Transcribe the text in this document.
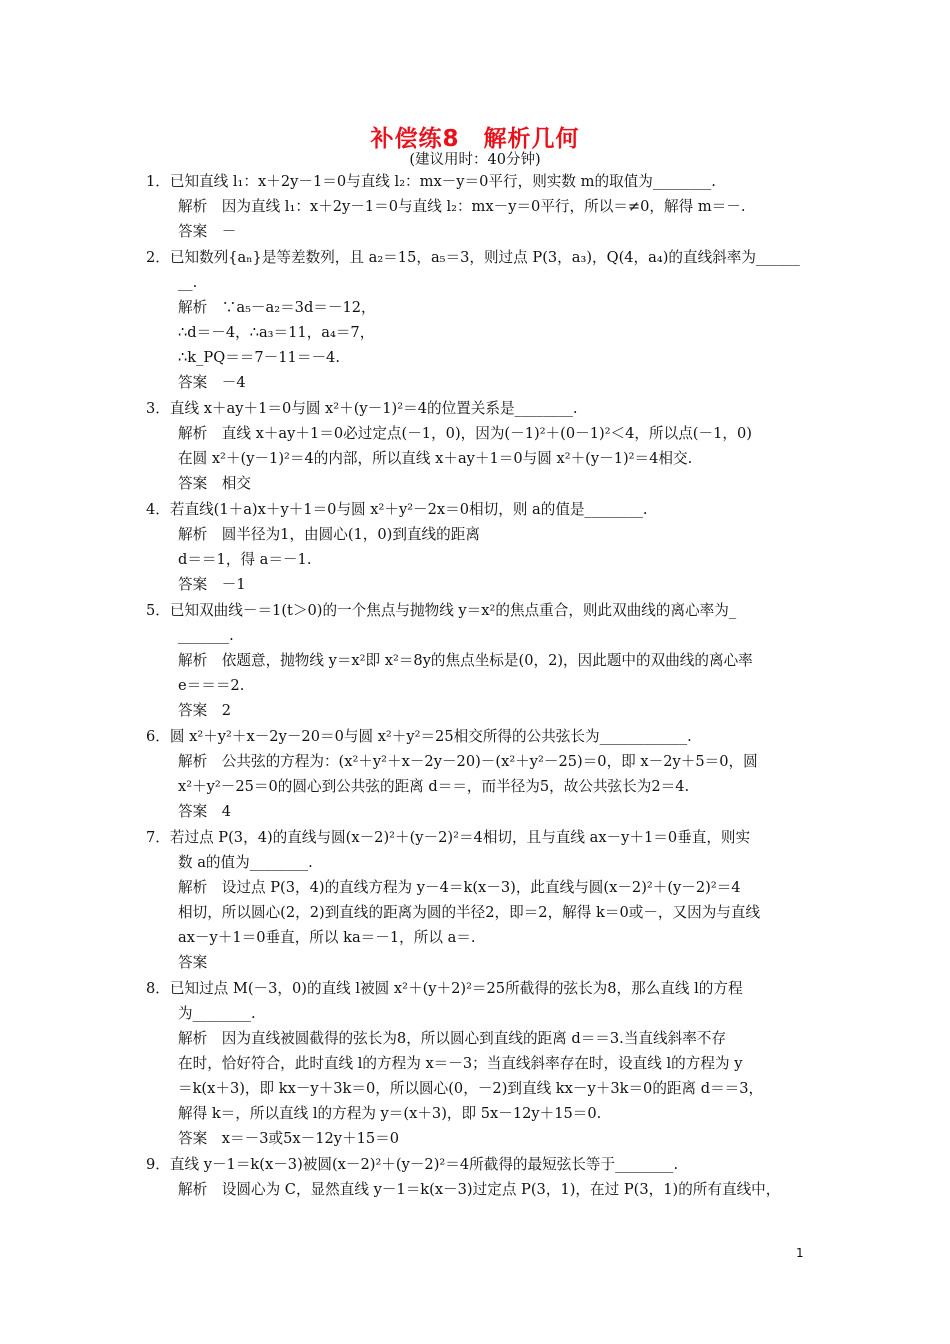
补偿练8　解析几何
(建议用时：40分钟)
1．已知直线 l₁：x＋2y－1＝0与直线 l₂：mx－y＝0平行，则实数 m的取值为________.
解析　因为直线 l₁：x＋2y－1＝0与直线 l₂：mx－y＝0平行，所以＝≠0，解得 m＝－.
答案　－
2．已知数列{aₙ}是等差数列，且 a₂＝15，a₅＝3，则过点 P(3，a₃)，Q(4，a₄)的直线斜率为______
__.
解析　∵a₅－a₂＝3d＝－12，
∴d＝－4，∴a₃＝11，a₄＝7，
∴k_PQ＝＝7－11＝－4.
答案　－4
3．直线 x＋ay＋1＝0与圆 x²＋(y－1)²＝4的位置关系是________.
解析　直线 x＋ay＋1＝0必过定点(－1，0)，因为(－1)²＋(0－1)²＜4，所以点(－1，0)
在圆 x²＋(y－1)²＝4的内部，所以直线 x＋ay＋1＝0与圆 x²＋(y－1)²＝4相交.
答案　相交
4．若直线(1＋a)x＋y＋1＝0与圆 x²＋y²－2x＝0相切，则 a的值是________.
解析　圆半径为1，由圆心(1，0)到直线的距离
d＝＝1，得 a＝－1.
答案　－1
5．已知双曲线－＝1(t＞0)的一个焦点与抛物线 y＝x²的焦点重合，则此双曲线的离心率为_
_______.
解析　依题意，抛物线 y＝x²即 x²＝8y的焦点坐标是(0，2)，因此题中的双曲线的离心率
e＝＝＝2.
答案　2
6．圆 x²＋y²＋x－2y－20＝0与圆 x²＋y²＝25相交所得的公共弦长为____________.
解析　公共弦的方程为：(x²＋y²＋x－2y－20)－(x²＋y²－25)＝0，即 x－2y＋5＝0，圆
x²＋y²－25＝0的圆心到公共弦的距离 d＝＝，而半径为5，故公共弦长为2＝4.
答案　4
7．若过点 P(3，4)的直线与圆(x－2)²＋(y－2)²＝4相切，且与直线 ax－y＋1＝0垂直，则实
数 a的值为________.
解析　设过点 P(3，4)的直线方程为 y－4＝k(x－3)，此直线与圆(x－2)²＋(y－2)²＝4
相切，所以圆心(2，2)到直线的距离为圆的半径2，即＝2，解得 k＝0或－，又因为与直线
ax－y＋1＝0垂直，所以 ka＝－1，所以 a＝.
答案
8．已知过点 M(－3，0)的直线 l被圆 x²＋(y＋2)²＝25所截得的弦长为8，那么直线 l的方程
为________.
解析　因为直线被圆截得的弦长为8，所以圆心到直线的距离 d＝＝3.当直线斜率不存
在时，恰好符合，此时直线 l的方程为 x＝－3；当直线斜率存在时，设直线 l的方程为 y
＝k(x＋3)，即 kx－y＋3k＝0，所以圆心(0，－2)到直线 kx－y＋3k＝0的距离 d＝＝3，
解得 k＝，所以直线 l的方程为 y＝(x＋3)，即 5x－12y＋15＝0.
答案　x＝－3或5x－12y＋15＝0
9．直线 y－1＝k(x－3)被圆(x－2)²＋(y－2)²＝4所截得的最短弦长等于________.
解析　设圆心为 C，显然直线 y－1＝k(x－3)过定点 P(3，1)，在过 P(3，1)的所有直线中，
1
